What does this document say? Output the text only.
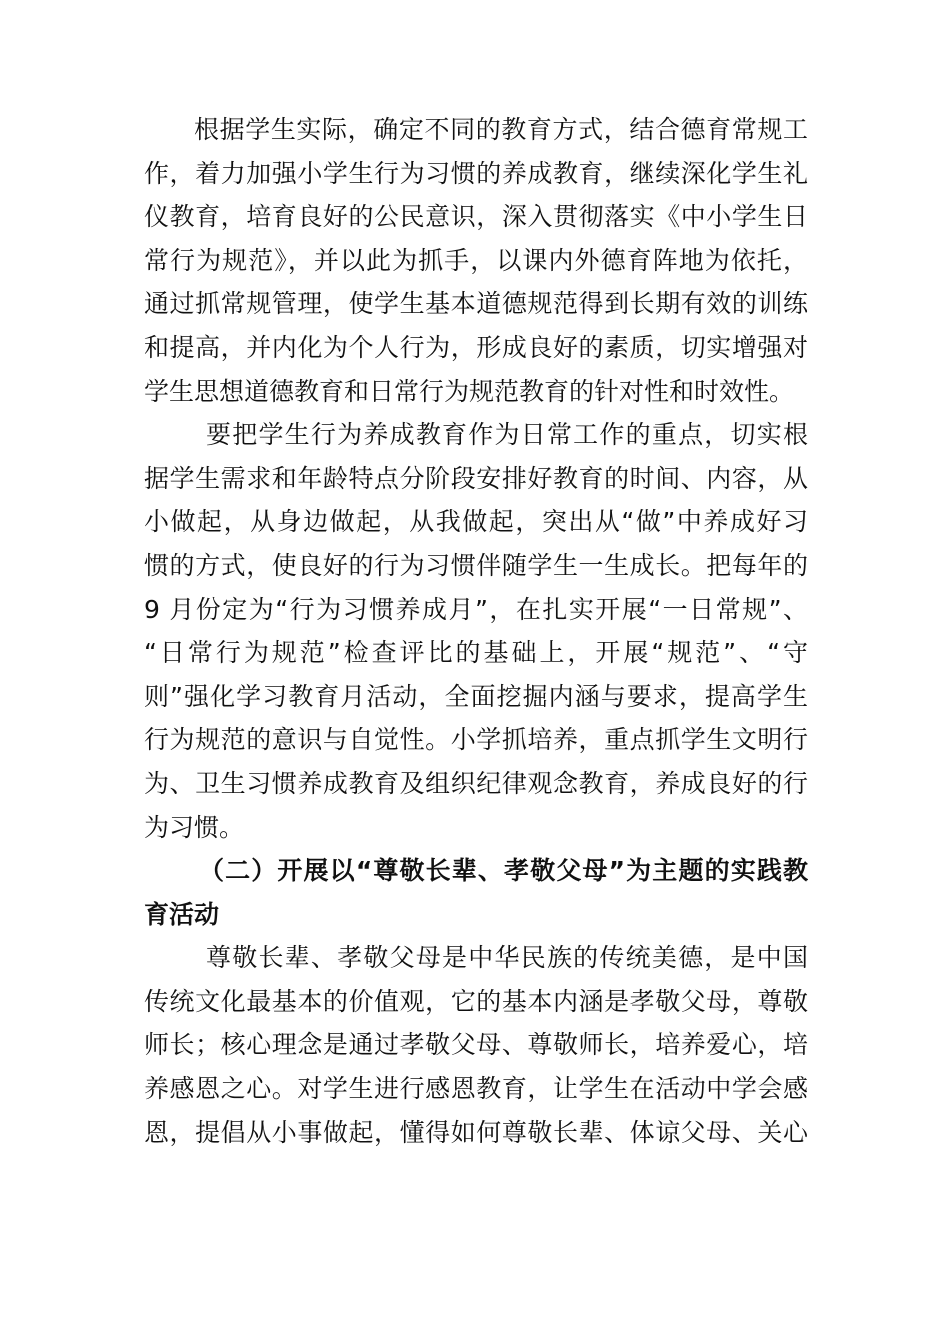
根据学生实际，确定不同的教育方式，结合德育常规工
作，着力加强小学生行为习惯的养成教育，继续深化学生礼
仪教育，培育良好的公民意识，深入贯彻落实《中小学生日
常行为规范》，并以此为抓手，以课内外德育阵地为依托，
通过抓常规管理，使学生基本道德规范得到长期有效的训练
和提高，并内化为个人行为，形成良好的素质，切实增强对
学生思想道德教育和日常行为规范教育的针对性和时效性。
要把学生行为养成教育作为日常工作的重点，切实根
据学生需求和年龄特点分阶段安排好教育的时间、内容，从
小做起，从身边做起，从我做起，突出从“做”中养成好习
惯的方式，使良好的行为习惯伴随学生一生成长。把每年的
9 月份定为“行为习惯养成月”，在扎实开展“一日常规”、
“日常行为规范”检查评比的基础上，开展“规范”、“守
则”强化学习教育月活动，全面挖掘内涵与要求，提高学生
行为规范的意识与自觉性。小学抓培养，重点抓学生文明行
为、卫生习惯养成教育及组织纪律观念教育，养成良好的行
为习惯。
（二）开展以“尊敬长辈、孝敬父母”为主题的实践教
育活动
尊敬长辈、孝敬父母是中华民族的传统美德，是中国
传统文化最基本的价值观，它的基本内涵是孝敬父母，尊敬
师长；核心理念是通过孝敬父母、尊敬师长，培养爱心，培
养感恩之心。对学生进行感恩教育，让学生在活动中学会感
恩，提倡从小事做起，懂得如何尊敬长辈、体谅父母、关心
